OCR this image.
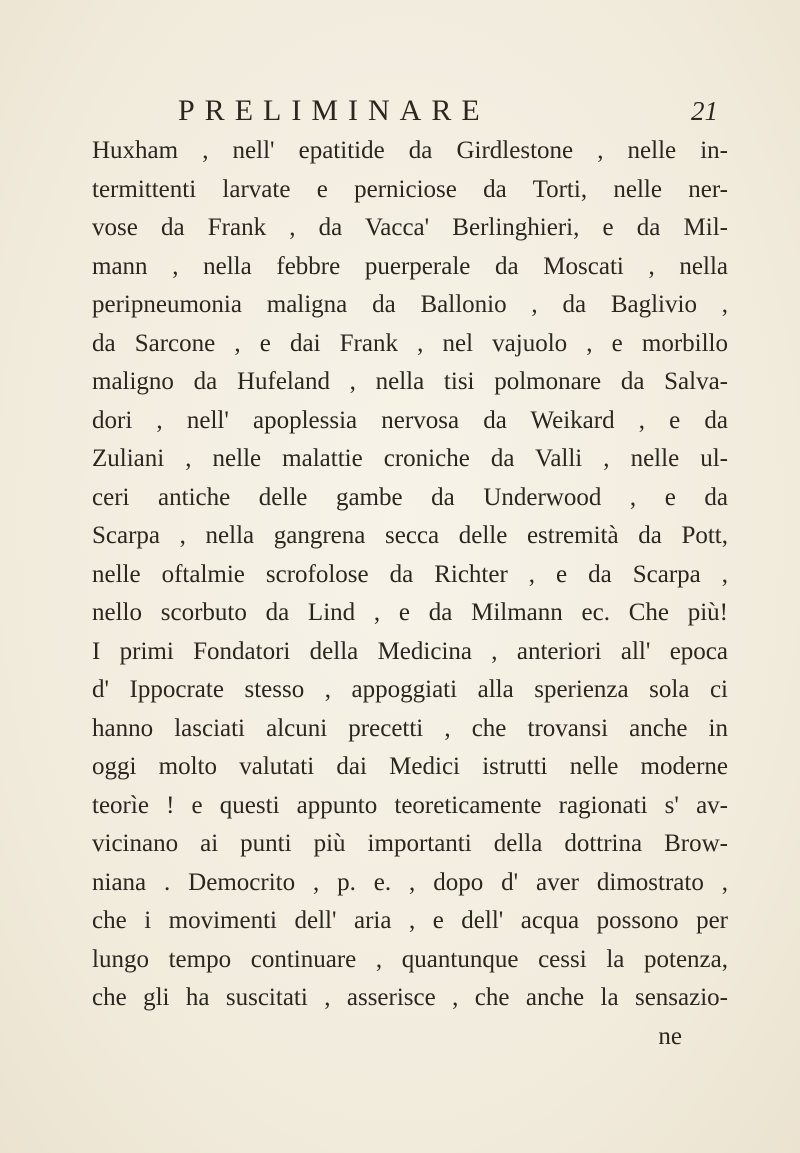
PRELIMINARE	21
Huxham , nell' epatitide da Girdlestone , nelle in-
termittenti larvate e perniciose da Torti, nelle ner-
vose da Frank , da Vacca' Berlinghieri, e da Mil-
mann , nella febbre puerperale da Moscati , nella
peripneumonia maligna da Ballonio , da Baglivio ,
da Sarcone , e dai Frank , nel vajuolo , e morbillo
maligno da Hufeland , nella tisi polmonare da Salva-
dori , nell' apoplessia nervosa da Weikard , e da
Zuliani , nelle malattie croniche da Valli , nelle ul-
ceri antiche delle gambe da Underwood , e da
Scarpa , nella gangrena secca delle estremità da Pott,
nelle oftalmie scrofolose da Richter , e da Scarpa ,
nello scorbuto da Lind , e da Milmann ec. Che più!
I primi Fondatori della Medicina , anteriori all' epoca
d' Ippocrate stesso , appoggiati alla sperienza sola ci
hanno lasciati alcuni precetti , che trovansi anche in
oggi molto valutati dai Medici istrutti nelle moderne
teorìe ! e questi appunto teoreticamente ragionati s' av-
vicinano ai punti più importanti della dottrina Brow-
niana . Democrito , p. e. , dopo d' aver dimostrato ,
che i movimenti dell' aria , e dell' acqua possono per
lungo tempo continuare , quantunque cessi la potenza,
che gli ha suscitati , asserisce , che anche la sensazio-
ne
